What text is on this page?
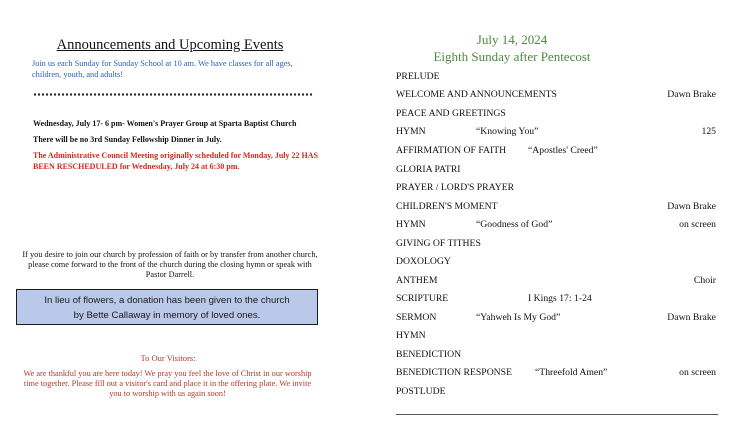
Announcements and Upcoming Events
Join us each Sunday for Sunday School at 10 am. We have classes for all ages, children, youth, and adults!
Wednesday, July 17- 6 pm- Women's Prayer Group at Sparta Baptist Church
There will be no 3rd Sunday Fellowship Dinner in July.
The Administrative Council Meeting originally scheduled for Monday, July 22 HAS BEEN RESCHEDULED for Wednesday, July 24 at 6:30 pm.
If you desire to join our church by profession of faith or by transfer from another church, please come forward to the front of the church during the closing hymn or speak with Pastor Darrell.
In lieu of flowers, a donation has been given to the church
by Bette Callaway in memory of loved ones.
To Our Visitors:
We are thankful you are here today! We pray you feel the love of Christ in our worship time together. Please fill out a visitor's card and place it in the offering plate. We invite you to worship with us again soon!
July 14, 2024
Eighth Sunday after Pentecost
PRELUDE
WELCOME AND ANNOUNCEMENTS	Dawn Brake
PEACE AND GREETINGS
HYMN	“Knowing You”	125
AFFIRMATION OF FAITH “Apostles' Creed”
GLORIA PATRI
PRAYER / LORD'S PRAYER
CHILDREN'S MOMENT	Dawn Brake
HYMN	“Goodness of God”	on screen
GIVING OF TITHES
DOXOLOGY
ANTHEM	Choir
SCRIPTURE	I Kings 17: 1-24
SERMON	“Yahweh Is My God”	Dawn Brake
HYMN
BENEDICTION
BENEDICTION RESPONSE “Threefold Amen”	on screen
POSTLUDE
